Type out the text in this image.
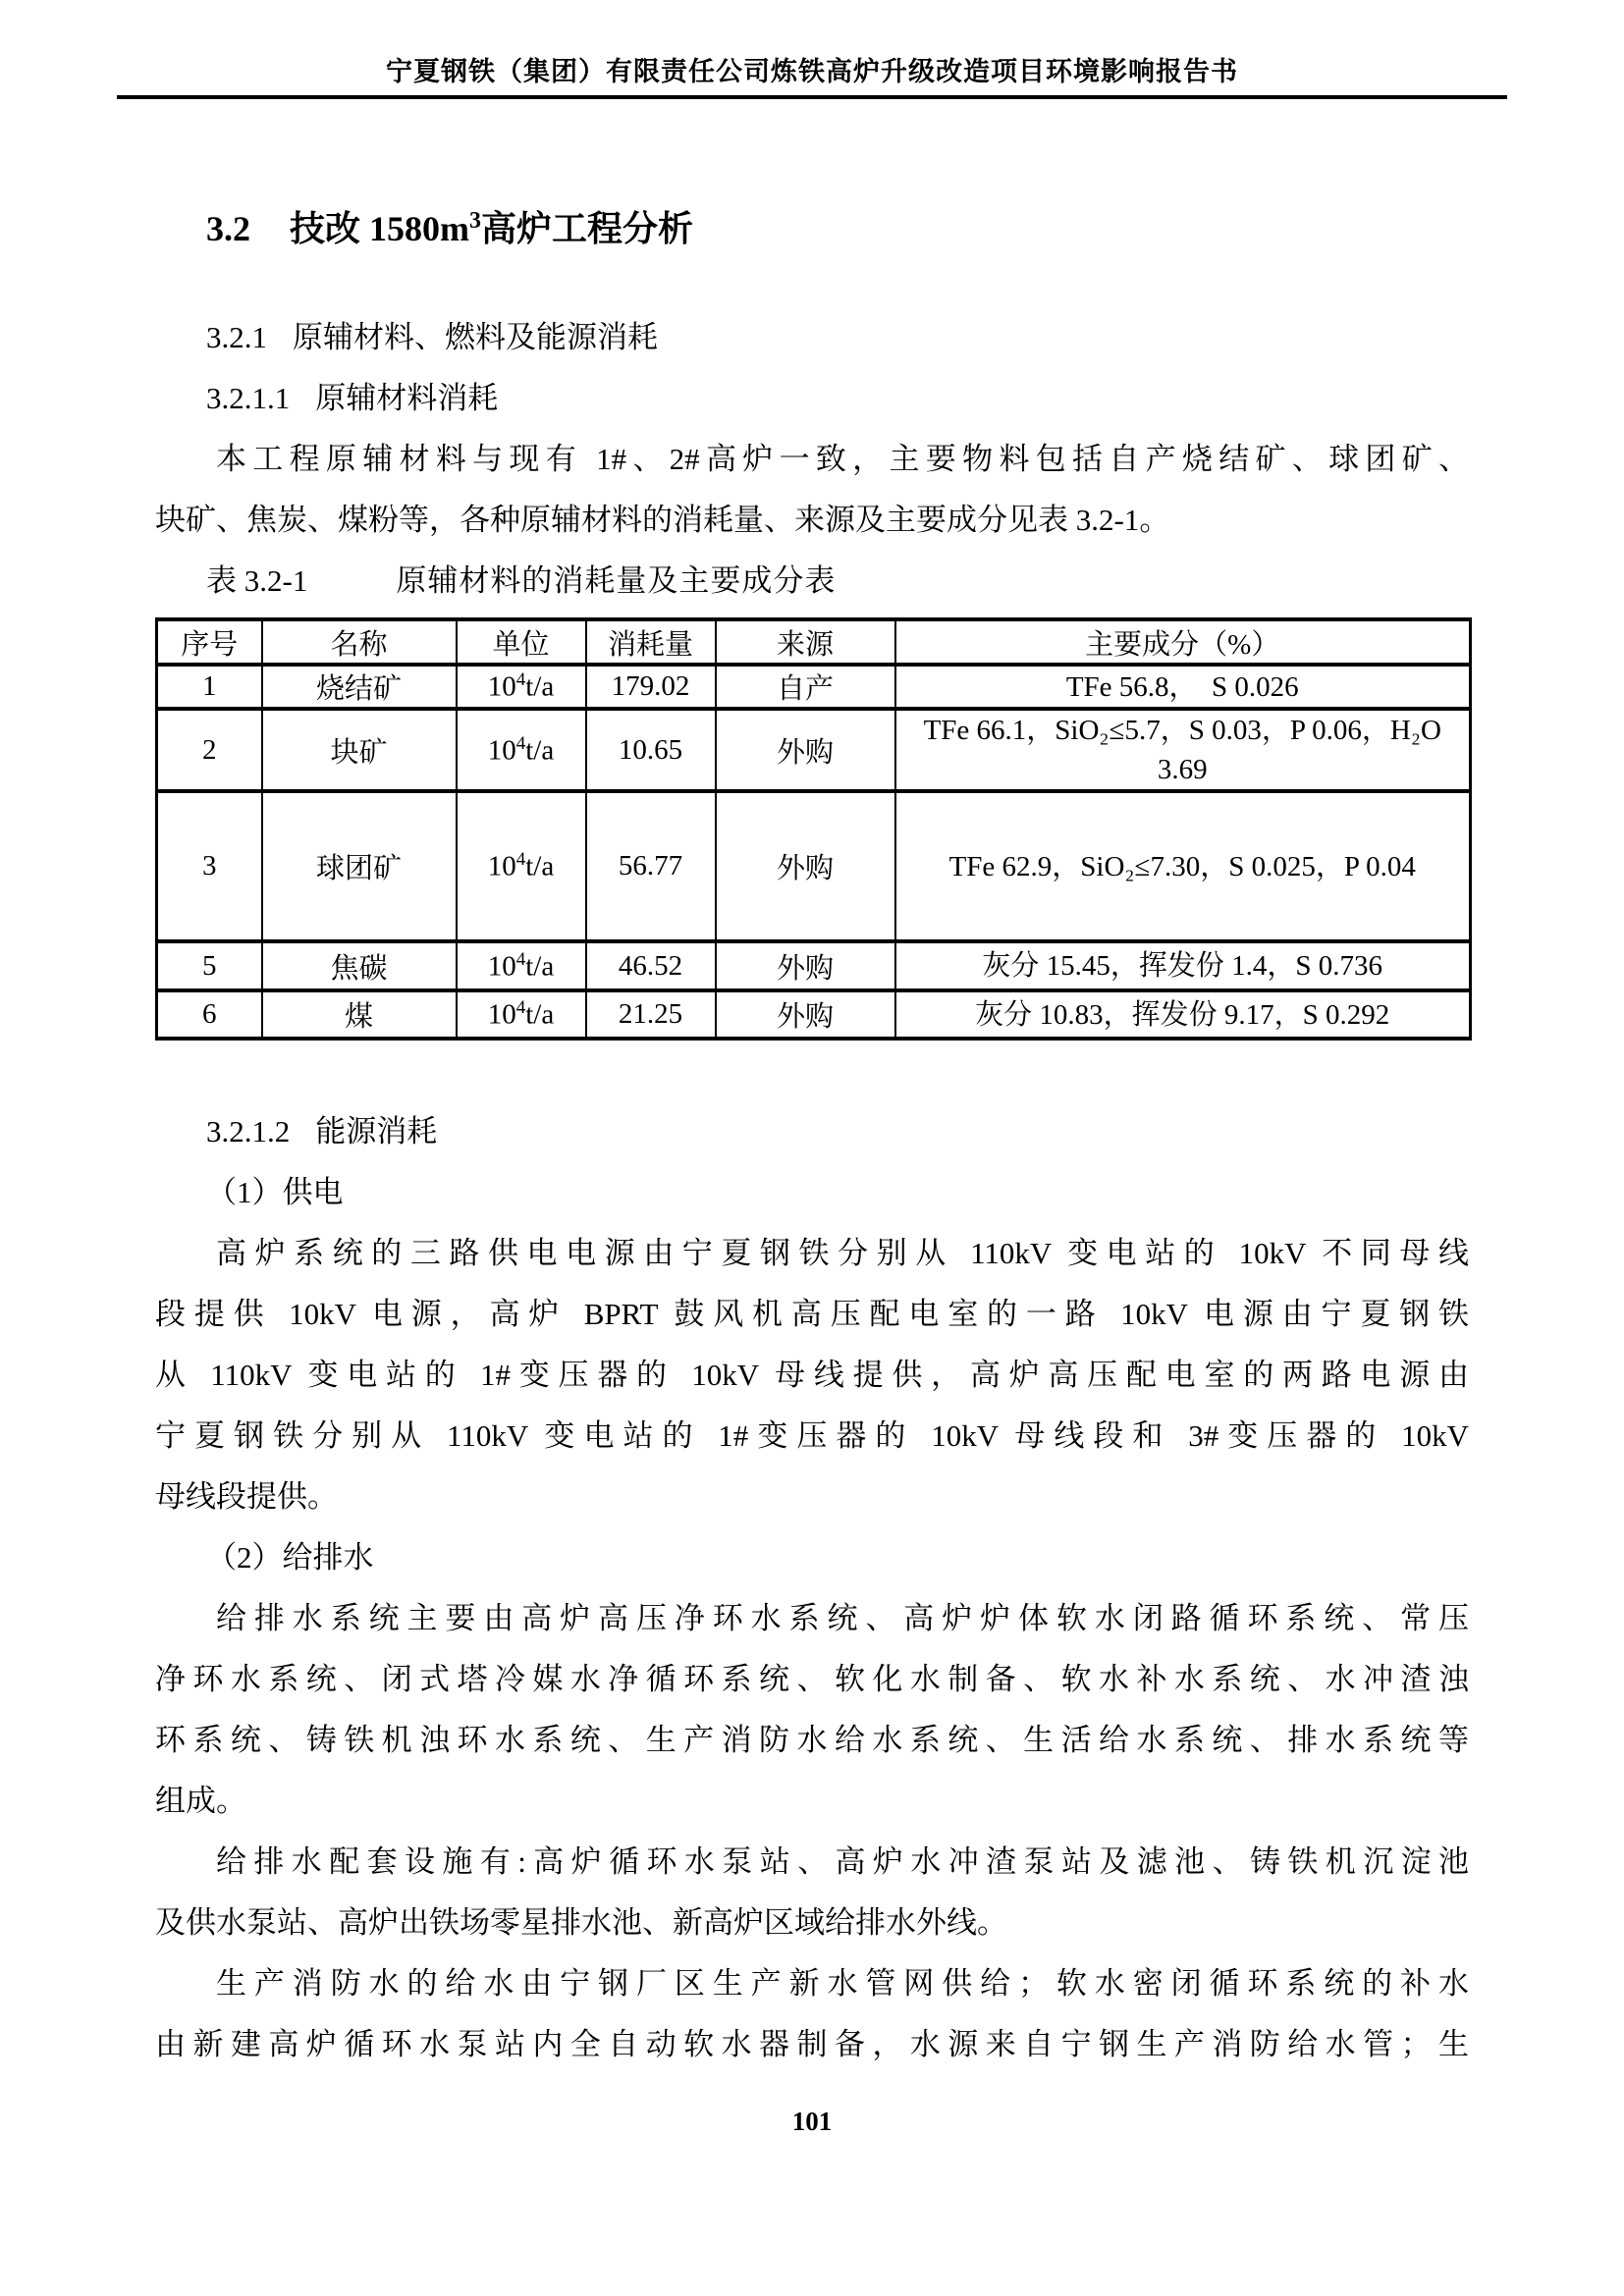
宁夏钢铁（集团）有限责任公司炼铁高炉升级改造项目环境影响报告书
3.2 技改 $1580m^3$高炉工程分析
3.2.1 原辅材料、燃料及能源消耗
3.2.1.1 原辅材料消耗
本工程原辅材料与现有 1#、2#高炉一致，主要物料包括自产烧结矿、球团矿、
块矿、焦炭、煤粉等，各种原辅材料的消耗量、来源及主要成分见表 3.2-1。
表 3.2-1	原辅材料的消耗量及主要成分表
序号	名称	单位	消耗量	来源	主要成分（%）
1	烧结矿	$10^4t/a$	179.02	自产	TFe 56.8，  S 0.026
2	块矿	$10^4t/a$	10.65	外购	TFe 66.1，SiO₂≤5.7，S 0.03，P 0.06，H₂O 3.69
3	球团矿	$10^4t/a$	56.77	外购	TFe 62.9，SiO₂≤7.30，S 0.025，P 0.04
5	焦碳	$10^4t/a$	46.52	外购	灰分 15.45，挥发份 1.4，S 0.736
6	煤	$10^4t/a$	21.25	外购	灰分 10.83，挥发份 9.17，S 0.292
3.2.1.2 能源消耗
（1）供电
高炉系统的三路供电电源由宁夏钢铁分别从 110kV 变电站的 10kV 不同母线
段提供 10kV 电源，高炉 BPRT 鼓风机高压配电室的一路 10kV 电源由宁夏钢铁
从 110kV 变电站的 1#变压器的 10kV 母线提供，高炉高压配电室的两路电源由
宁夏钢铁分别从 110kV 变电站的 1#变压器的 10kV 母线段和 3#变压器的 10kV
母线段提供。
（2）给排水
给排水系统主要由高炉高压净环水系统、高炉炉体软水闭路循环系统、常压
净环水系统、闭式塔冷媒水净循环系统、软化水制备、软水补水系统、水冲渣浊
环系统、铸铁机浊环水系统、生产消防水给水系统、生活给水系统、排水系统等
组成。
给排水配套设施有:高炉循环水泵站、高炉水冲渣泵站及滤池、铸铁机沉淀池
及供水泵站、高炉出铁场零星排水池、新高炉区域给排水外线。
生产消防水的给水由宁钢厂区生产新水管网供给；软水密闭循环系统的补水
由新建高炉循环水泵站内全自动软水器制备，水源来自宁钢生产消防给水管；生
101
